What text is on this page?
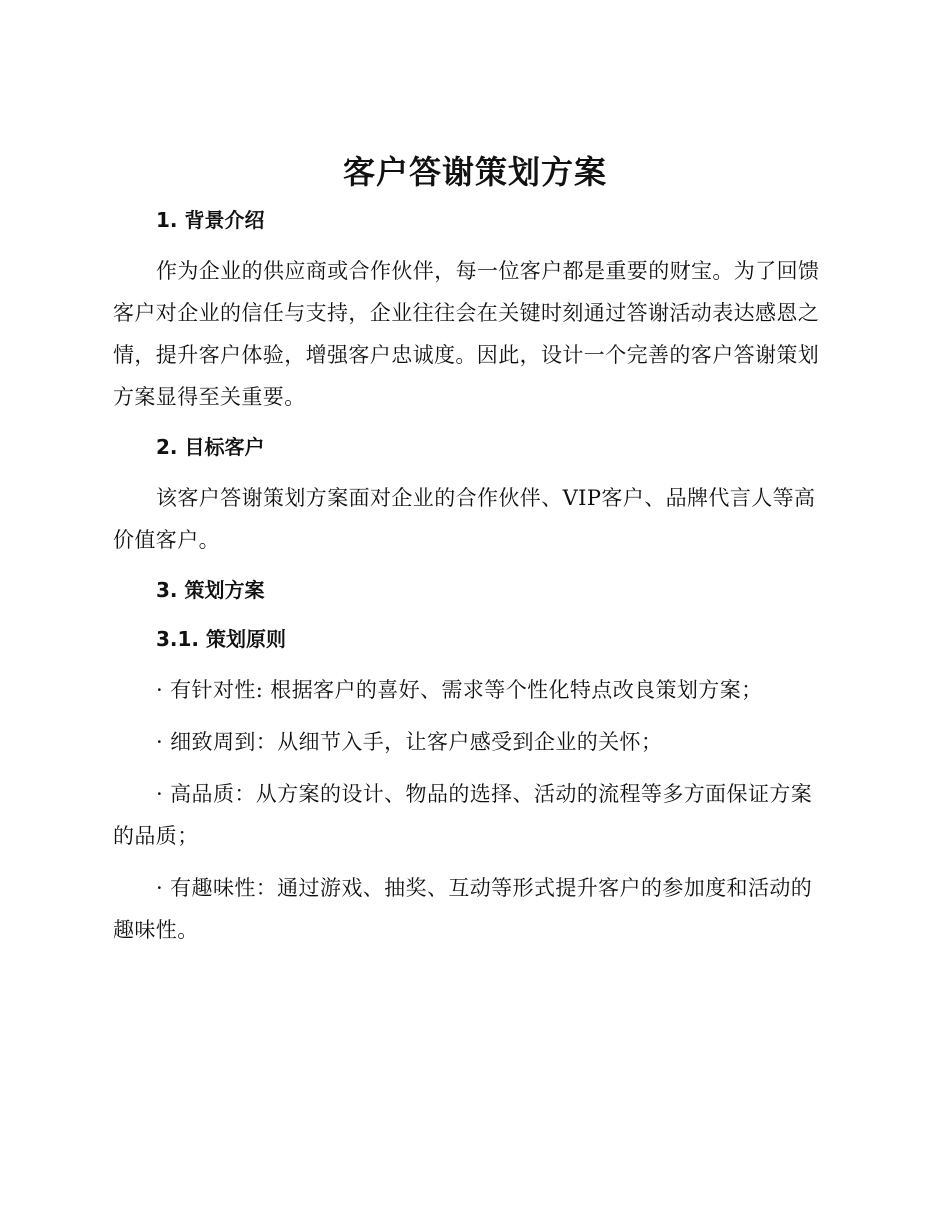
客户答谢策划方案
1. 背景介绍

作为企业的供应商或合作伙伴，每一位客户都是重要的财宝。为了回馈客户对企业的信任与支持，企业往往会在关键时刻通过答谢活动表达感恩之情，提升客户体验，增强客户忠诚度。因此，设计一个完善的客户答谢策划方案显得至关重要。

2. 目标客户

该客户答谢策划方案面对企业的合作伙伴、VIP客户、品牌代言人等高价值客户。

3. 策划方案
3.1. 策划原则

· 有针对性: 根据客户的喜好、需求等个性化特点改良策划方案；

· 细致周到：从细节入手，让客户感受到企业的关怀；

· 高品质：从方案的设计、物品的选择、活动的流程等多方面保证方案的品质；

· 有趣味性：通过游戏、抽奖、互动等形式提升客户的参加度和活动的趣味性。
